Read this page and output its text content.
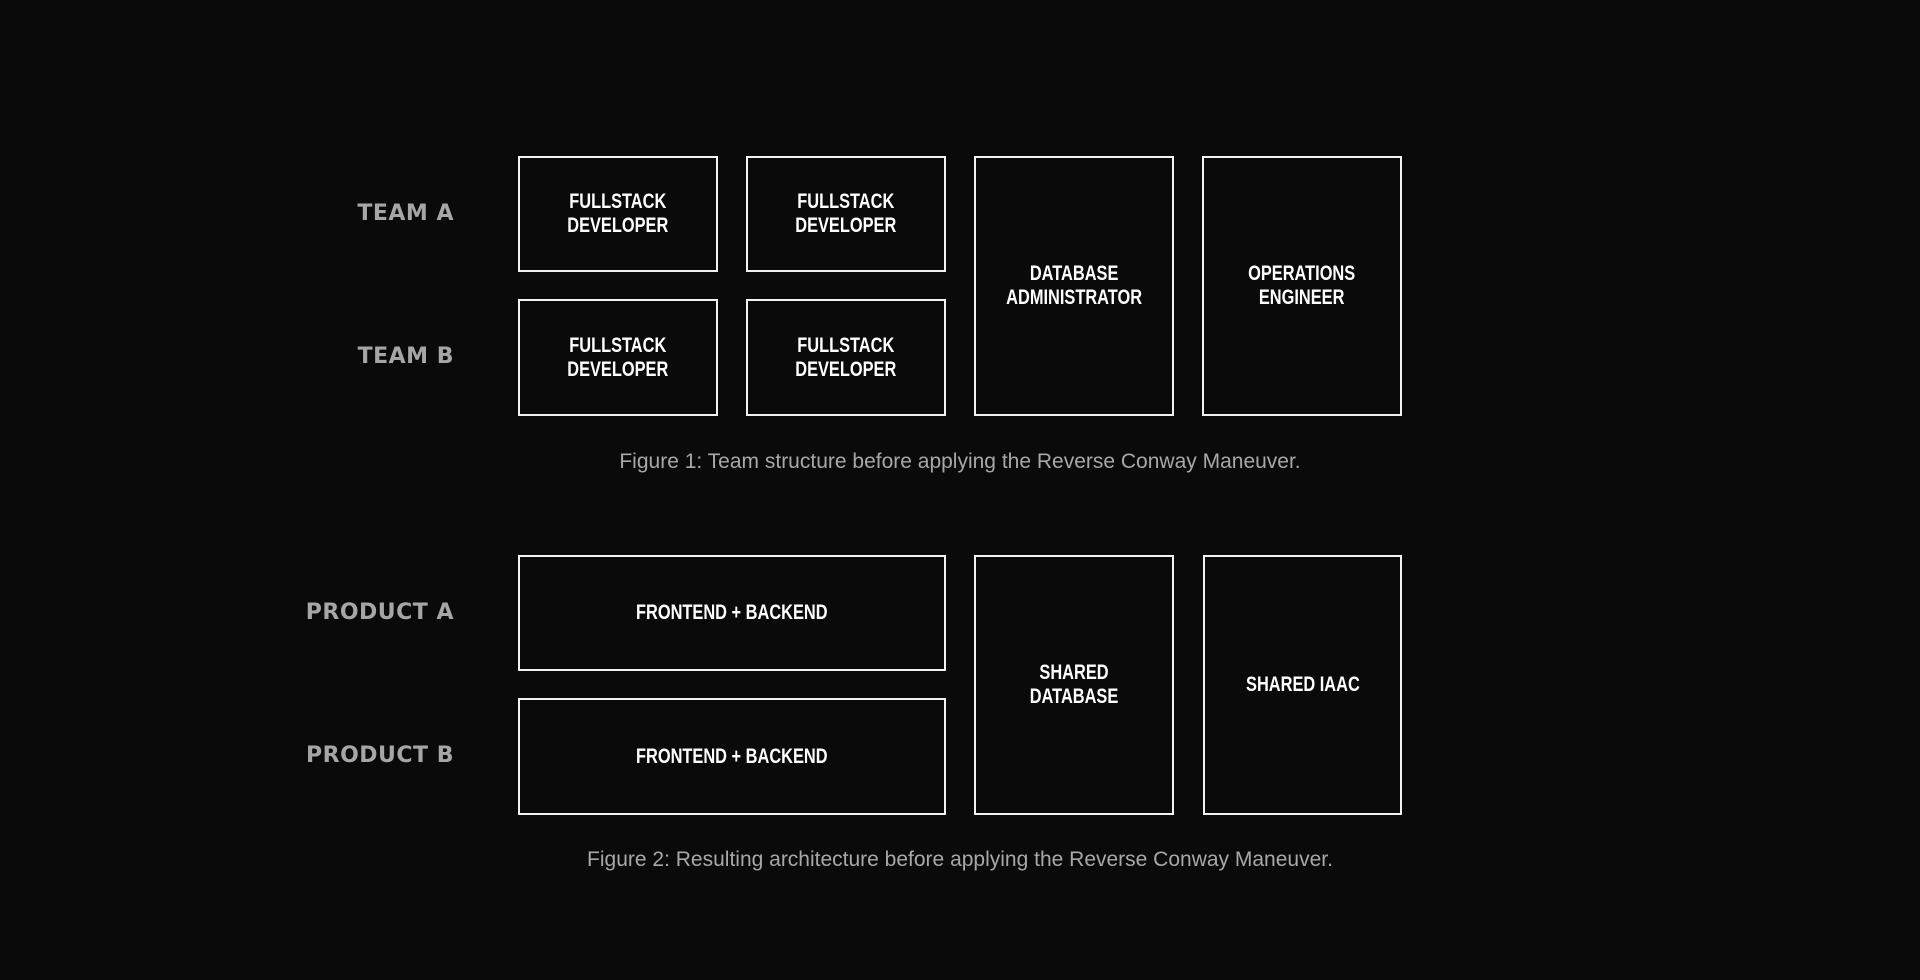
TEAM A
TEAM B
FULLSTACK
DEVELOPER
FULLSTACK
DEVELOPER
FULLSTACK
DEVELOPER
FULLSTACK
DEVELOPER
DATABASE
ADMINISTRATOR
OPERATIONS
ENGINEER
Figure 1: Team structure before applying the Reverse Conway Maneuver.
PRODUCT A
PRODUCT B
FRONTEND + BACKEND
FRONTEND + BACKEND
SHARED DATABASE
SHARED IAAC
Figure 2: Resulting architecture before applying the Reverse Conway Maneuver.
